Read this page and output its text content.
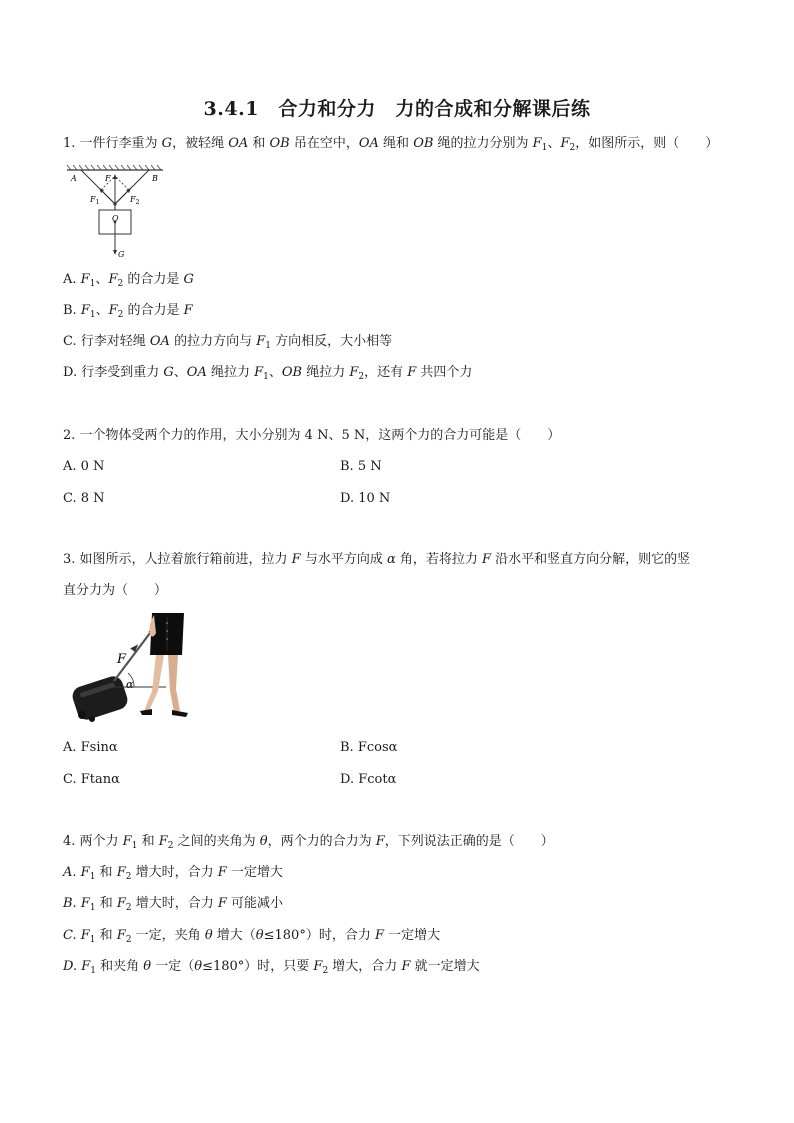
3.4.1　合力和分力　力的合成和分解课后练
1. 一件行李重为 G，被轻绳 OA 和 OB 吊在空中，OA 绳和 OB 绳的拉力分别为 $F_1$、$F_2$，如图所示，则（　　）
A	B
F
$F_1$	$F_2$
O
G
A. $F_1$、$F_2$ 的合力是 G
B. $F_1$、$F_2$ 的合力是 F
C. 行李对轻绳 OA 的拉力方向与 $F_1$ 方向相反，大小相等
D. 行李受到重力 G、OA 绳拉力 $F_1$、OB 绳拉力 $F_2$，还有 F 共四个力
2. 一个物体受两个力的作用，大小分别为 4 N、5 N，这两个力的合力可能是（　　）
A. 0 N	B. 5 N
C. 8 N	D. 10 N
3. 如图所示，人拉着旅行箱前进，拉力 F 与水平方向成 α 角，若将拉力 F 沿水平和竖直方向分解，则它的竖
直分力为（　　）
F
α
A. Fsinα	B. Fcosα
C. Ftanα	D. Fcotα
4. 两个力 $F_1$ 和 $F_2$ 之间的夹角为 θ，两个力的合力为 F，下列说法正确的是（　　）
A. $F_1$ 和 $F_2$ 增大时，合力 F 一定增大
B. $F_1$ 和 $F_2$ 增大时，合力 F 可能减小
C. $F_1$ 和 $F_2$ 一定，夹角 θ 增大（θ≤180°）时，合力 F 一定增大
D. $F_1$ 和夹角 θ 一定（θ≤180°）时，只要 $F_2$ 增大，合力 F 就一定增大
